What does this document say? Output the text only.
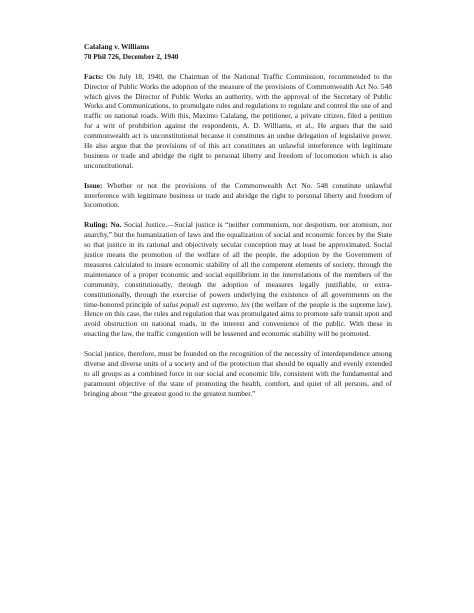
Calalang v. Williams

70 Phil 726, December 2, 1940

Facts: On July 18, 1940, the Chairman of the National Traffic Commission, recommended to the Director of Public Works the adoption of the measure of the provisions of Commonwealth Act No. 548 which gives the Director of Public Works an authority, with the approval of the Secretary of Public Works and Communications, to promulgate rules and regulations to regulate and control the use of and traffic on national roads. With this, Maximo Calalang, the petitioner, a private citizen, filed a petition for a writ of prohibition against the respondents, A. D. Williams, et al., He argues that the said commonwealth act is unconstitutional because it constitutes an undue delegation of legislative power. He also argue that the provisions of of this act constitutes an unlawful interference with legitimate business or trade and abridge the right to personal liberty and freedom of locomotion which is also unconstitutional.

Issue: Whether or not the provisions of the Commonwealth Act No. 548 constitute unlawful interference with legitimate business or trade and abridge the right to personal liberty and freedom of locomotion.

Ruling: No. Social Justice.—Social justice is “neither communism, nor despotism, nor atomism, nor anarchy,” but the humanization of laws and the equalization of social and economic forces by the State so that justice in its rational and objectively secular conception may at least be approximated. Social justice means the promotion of the welfare of all the people, the adoption by the Government of measures calculated to insure economic stability of all the competent elements of society, through the maintenance of a proper economic and social equilibrium in the interrelations of the members of the community, constitutionally, through the adoption of measures legally justifiable, or extra-constitutionally, through the exercise of powers underlying the existence of all governments on the time-honored principle of salus populi est supremo, lex (the welfare of the people is the supreme law). Hence on this case, the rules and regulation that was promulgated aims to promote safe transit upon and avoid obstruction on national roads, in the interest and convenience of the public. With these in enacting the law, the traffic congestion will be lessened and economic stability will be promoted.

Social justice, therefore, must be founded on the recognition of the necessity of interdependence among diverse and diverse units of a society and of the protection that should be equally and evenly extended to all groups as a combined force in our social and economic life, consistent with the fundamental and paramount objective of the state of promoting the health, comfort, and quiet of all persons, and of bringing about “the greatest good to the greatest number.”
